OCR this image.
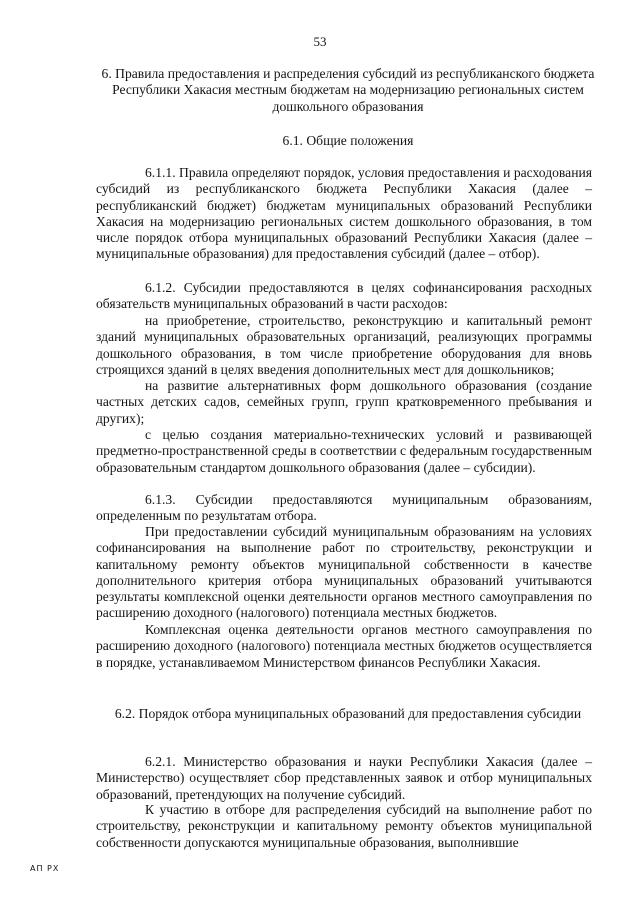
53
6. Правила предоставления и распределения субсидий из республиканского бюджета Республики Хакасия местным бюджетам на модернизацию региональных систем дошкольного образования
6.1. Общие положения

6.1.1. Правила определяют порядок, условия предоставления и расходования субсидий из республиканского бюджета Республики Хакасия (далее – республиканский бюджет) бюджетам муниципальных образований Республики Хакасия на модернизацию региональных систем дошкольного образования, в том числе порядок отбора муниципальных образований Республики Хакасия (далее – муниципальные образования) для предоставления субсидий (далее – отбор).

6.1.2. Субсидии предоставляются в целях софинансирования расходных обязательств муниципальных образований в части расходов:

на приобретение, строительство, реконструкцию и капитальный ремонт зданий муниципальных образовательных организаций, реализующих программы дошкольного образования, в том числе приобретение оборудования для вновь строящихся зданий в целях введения дополнительных мест для дошкольников;

на развитие альтернативных форм дошкольного образования (создание частных детских садов, семейных групп, групп кратковременного пребывания и других);

с целью создания материально-технических условий и развивающей предметно-пространственной среды в соответствии с федеральным государственным образовательным стандартом дошкольного образования (далее – субсидии).

6.1.3. Субсидии предоставляются муниципальным образованиям, определенным по результатам отбора.

При предоставлении субсидий муниципальным образованиям на условиях софинансирования на выполнение работ по строительству, реконструкции и капитальному ремонту объектов муниципальной собственности в качестве дополнительного критерия отбора муниципальных образований учитываются результаты комплексной оценки деятельности органов местного самоуправления по расширению доходного (налогового) потенциала местных бюджетов.

Комплексная оценка деятельности органов местного самоуправления по расширению доходного (налогового) потенциала местных бюджетов осуществляется в порядке, устанавливаемом Министерством финансов Республики Хакасия.

6.2. Порядок отбора муниципальных образований для предоставления субсидии

6.2.1. Министерство образования и науки Республики Хакасия (далее – Министерство) осуществляет сбор представленных заявок и отбор муниципальных образований, претендующих на получение субсидий.

К участию в отборе для распределения субсидий на выполнение работ по строительству, реконструкции и капитальному ремонту объектов муниципальной собственности допускаются муниципальные образования, выполнившие

АП РХ
